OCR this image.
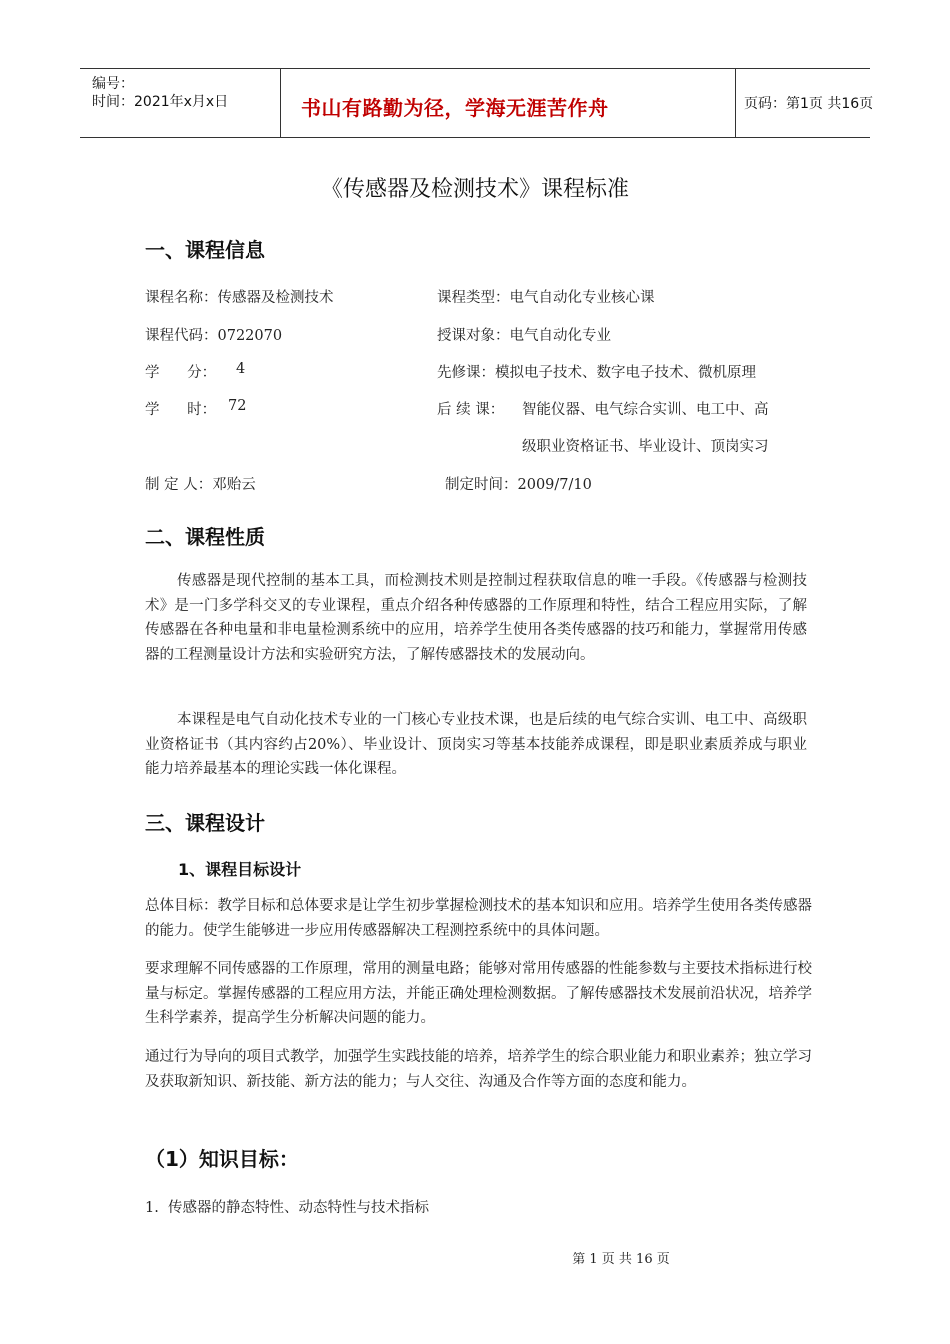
编号：
时间：2021年x月x日	书山有路勤为径，学海无涯苦作舟	页码：第1页 共16页
《传感器及检测技术》课程标准
一、课程信息
课程名称：传感器及检测技术	课程类型：电气自动化专业核心课
课程代码：0722070	授课对象：电气自动化专业
学      分： 4	先修课：模拟电子技术、数字电子技术、微机原理
学      时： 72	后 续 课： 智能仪器、电气综合实训、电工中、高
级职业资格证书、毕业设计、顶岗实习
制 定 人：邓贻云	制定时间：2009/7/10
二、课程性质
传感器是现代控制的基本工具，而检测技术则是控制过程获取信息的唯一手段。《传感器与检测技术》是一门多学科交叉的专业课程，重点介绍各种传感器的工作原理和特性，结合工程应用实际，了解传感器在各种电量和非电量检测系统中的应用，培养学生使用各类传感器的技巧和能力，掌握常用传感器的工程测量设计方法和实验研究方法，了解传感器技术的发展动向。
本课程是电气自动化技术专业的一门核心专业技术课，也是后续的电气综合实训、电工中、高级职业资格证书（其内容约占20%）、毕业设计、顶岗实习等基本技能养成课程，即是职业素质养成与职业能力培养最基本的理论实践一体化课程。
三、课程设计
1、课程目标设计
总体目标：教学目标和总体要求是让学生初步掌握检测技术的基本知识和应用。培养学生使用各类传感器的能力。使学生能够进一步应用传感器解决工程测控系统中的具体问题。
要求理解不同传感器的工作原理，常用的测量电路；能够对常用传感器的性能参数与主要技术指标进行校量与标定。掌握传感器的工程应用方法，并能正确处理检测数据。了解传感器技术发展前沿状况，培养学生科学素养，提高学生分析解决问题的能力。
通过行为导向的项目式教学，加强学生实践技能的培养，培养学生的综合职业能力和职业素养；独立学习及获取新知识、新技能、新方法的能力；与人交往、沟通及合作等方面的态度和能力。
（1）知识目标：
1.  传感器的静态特性、动态特性与技术指标
第 1 页 共 16 页
